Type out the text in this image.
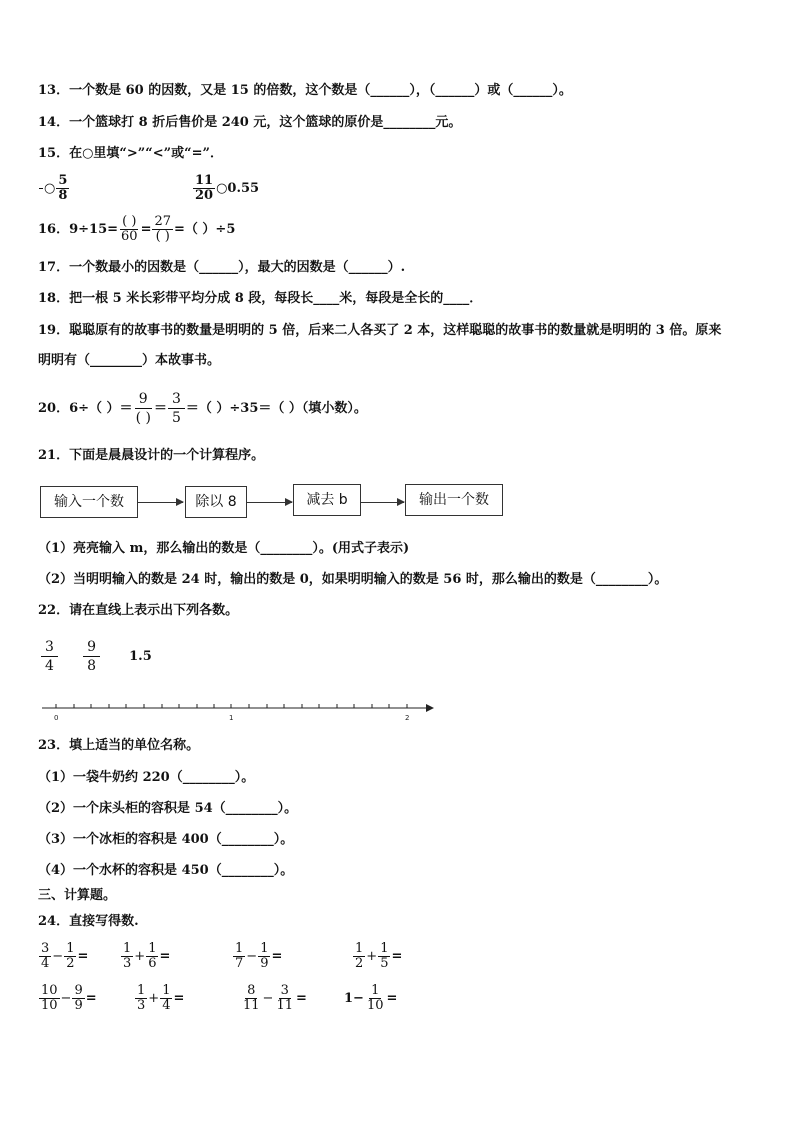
13．一个数是 60 的因数，又是 15 的倍数，这个数是（______），（______）或（______）。
14．一个篮球打 8 折后售价是 240 元，这个篮球的原价是________元。
15．在○里填“>”“<”或“=”．
○ $\frac{5}{8}$	$\frac{11}{20}$ ○0.55
16．$9\div 15= \frac{( )}{60} = \frac{27}{( )}$ =（ ）÷5
17．一个数最小的因数是（______），最大的因数是（______）.
18．把一根 5 米长彩带平均分成 8 段，每段长____米，每段是全长的____．
19．聪聪原有的故事书的数量是明明的 5 倍，后来二人各买了 2 本，这样聪聪的故事书的数量就是明明的 3 倍。原来
明明有（________）本故事书。
20．6÷（ ）＝ $\frac{9}{( )} = \frac{3}{5}$ ＝（ ）÷35＝（ ）（填小数）。
21．下面是晨晨设计的一个计算程序。
输入一个数	除以 8	减去 b	输出一个数
（1）亮亮输入 m，那么输出的数是（________）。(用式子表示)
（2）当明明输入的数是 24 时，输出的数是 0，如果明明输入的数是 56 时，那么输出的数是（________）。
22．请在直线上表示出下列各数。
$\frac{3}{4}$
$\frac{9}{8} 1.5$
0	1	2
23．填上适当的单位名称。
（1）一袋牛奶约 220（________）。
（2）一个床头柜的容积是 54（________）。
（3）一个冰柜的容积是 400（________）。
（4）一个水杯的容积是 450（________）。
三、计算题。
24．直接写得数.
$\frac{3}{4} - \frac{1}{2}$ =	$\frac{1}{3} + \frac{1}{6}$ =	$\frac{1}{7} - \frac{1}{9}$ =	$\frac{1}{2} + \frac{1}{5}$ =
$\frac{10}{10} - \frac{9}{9}$ =	$\frac{1}{3} + \frac{1}{4}$ =	$\frac{8}{11} - \frac{3}{11}$ =	$1- \frac{1}{10}$ =
